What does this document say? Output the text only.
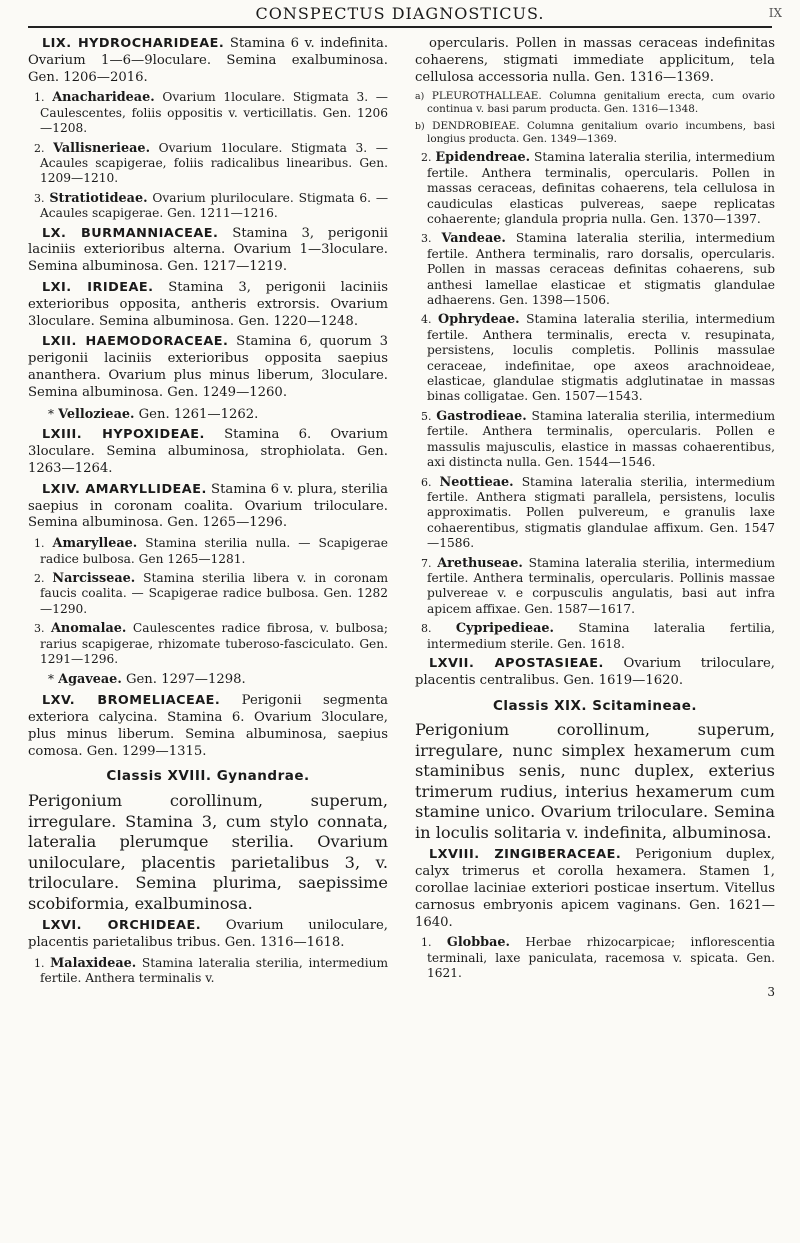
CONSPECTUS DIAGNOSTICUS.	IX

LIX. HYDROCHARIDEAE. Stamina 6 v. indefinita. Ovarium 1—6—9loculare. Semina exalbuminosa. Gen. 1206—2016.

1. Anacharideae. Ovarium 1loculare. Stigmata 3. — Caulescentes, foliis oppositis v. verticillatis. Gen. 1206—1208.

2. Vallisnerieae. Ovarium 1loculare. Stigmata 3. — Acaules scapigerae, foliis radicalibus linearibus. Gen. 1209—1210.

3. Stratiotideae. Ovarium pluriloculare. Stigmata 6. — Acaules scapigerae. Gen. 1211—1216.

LX. BURMANNIACEAE. Stamina 3, perigonii laciniis exterioribus alterna. Ovarium 1—3loculare. Semina albuminosa. Gen. 1217—1219.

LXI. IRIDEAE. Stamina 3, perigonii laciniis exterioribus opposita, antheris extrorsis. Ovarium 3loculare. Semina albuminosa. Gen. 1220—1248.

LXII. HAEMODORACEAE. Stamina 6, quorum 3 perigonii laciniis exterioribus opposita saepius ananthera. Ovarium plus minus liberum, 3loculare. Semina albuminosa. Gen. 1249—1260.

* Vellozieae. Gen. 1261—1262.

LXIII. HYPOXIDEAE. Stamina 6. Ovarium 3loculare. Semina albuminosa, strophiolata. Gen. 1263—1264.

LXIV. AMARYLLIDEAE. Stamina 6 v. plura, sterilia saepius in coronam coalita. Ovarium triloculare. Semina albuminosa. Gen. 1265—1296.

1. Amaryllеae. Stamina sterilia nulla. — Scapigerae radice bulbosa. Gen 1265—1281.

2. Narcisseae. Stamina sterilia libera v. in coronam faucis coalita. — Scapigerae radice bulbosa. Gen. 1282—1290.

3. Anomalae. Caulescentes radice fibrosa, v. bulbosa; rarius scapigerae, rhizomate tuberoso-fasciculato. Gen. 1291—1296.

* Agaveae. Gen. 1297—1298.

LXV. BROMELIACEAE. Perigonii segmenta exteriora calycina. Stamina 6. Ovarium 3loculare, plus minus liberum. Semina albuminosa, saepius comosa. Gen. 1299—1315.

Classis XVIII. Gynandrae.

Perigonium corollinum, superum, irregulare. Stamina 3, cum stylo connata, lateralia plerumque sterilia. Ovarium uniloculare, placentis parietalibus 3, v. triloculare. Semina plurima, saepissime scobiformia, exalbuminosa.

LXVI. ORCHIDEAE. Ovarium uniloculare, placentis parietalibus tribus. Gen. 1316—1618.

1. Malaxideae. Stamina lateralia sterilia, intermedium fertile. Anthera terminalis v.

opercularis. Pollen in massas ceraceas indefinitas cohaerens, stigmati immediate applicitum, tela cellulosa accessoria nulla. Gen. 1316—1369.

a) PLEUROTHALLEAE. Columna genitalium erecta, cum ovario continua v. basi parum producta. Gen. 1316—1348.

b) DENDROBIEAE. Columna genitalium ovario incumbens, basi longius producta. Gen. 1349—1369.

2. Epidendreae. Stamina lateralia sterilia, intermedium fertile. Anthera terminalis, opercularis. Pollen in massas ceraceas, definitas cohaerens, tela cellulosa in caudiculas elasticas pulvereas, saepe replicatas cohaerente; glandula propria nulla. Gen. 1370—1397.

3. Vandeae. Stamina lateralia sterilia, intermedium fertile. Anthera terminalis, raro dorsalis, opercularis. Pollen in massas ceraceas definitas cohaerens, sub anthesi lamellae elasticae et stigmatis glandulae adhaerens. Gen. 1398—1506.

4. Ophrydeae. Stamina lateralia sterilia, intermedium fertile. Anthera terminalis, erecta v. resupinata, persistens, loculis completis. Pollinis massulae ceraceae, indefinitae, ope axeos arachnoideae, elasticae, glandulae stigmatis adglutinatae in massas binas colligatae. Gen. 1507—1543.

5. Gastrodieae. Stamina lateralia sterilia, intermedium fertile. Anthera terminalis, opercularis. Pollen e massulis majusculis, elastice in massas cohaerentibus, axi distincta nulla. Gen. 1544—1546.

6. Neottieae. Stamina lateralia sterilia, intermedium fertile. Anthera stigmati parallela, persistens, loculis approximatis. Pollen pulvereum, e granulis laxe cohaerentibus, stigmatis glandulae affixum. Gen. 1547—1586.

7. Arethuseae. Stamina lateralia sterilia, intermedium fertile. Anthera terminalis, opercularis. Pollinis massae pulvereae v. e corpusculis angulatis, basi aut infra apicem affixae. Gen. 1587—1617.

8. Cypripedieae. Stamina lateralia fertilia, intermedium sterile. Gen. 1618.

LXVII. APOSTASIEAE. Ovarium triloculare, placentis centralibus. Gen. 1619—1620.

Classis XIX. Scitamineae.

Perigonium corollinum, superum, irregulare, nunc simplex hexamerum cum staminibus senis, nunc duplex, exterius trimerum rudius, interius hexamerum cum stamine unico. Ovarium triloculare. Semina in loculis solitaria v. indefinita, albuminosa.

LXVIII. ZINGIBERACEAE. Perigonium duplex, calyx trimerus et corolla hexamera. Stamen 1, corollae laciniae exteriori posticae insertum. Vitellus carnosus embryonis apicem vaginans. Gen. 1621—1640.

1. Globbae. Herbae rhizocarpicae; inflorescentia terminali, laxe paniculata, racemosa v. spicata. Gen. 1621.

3
